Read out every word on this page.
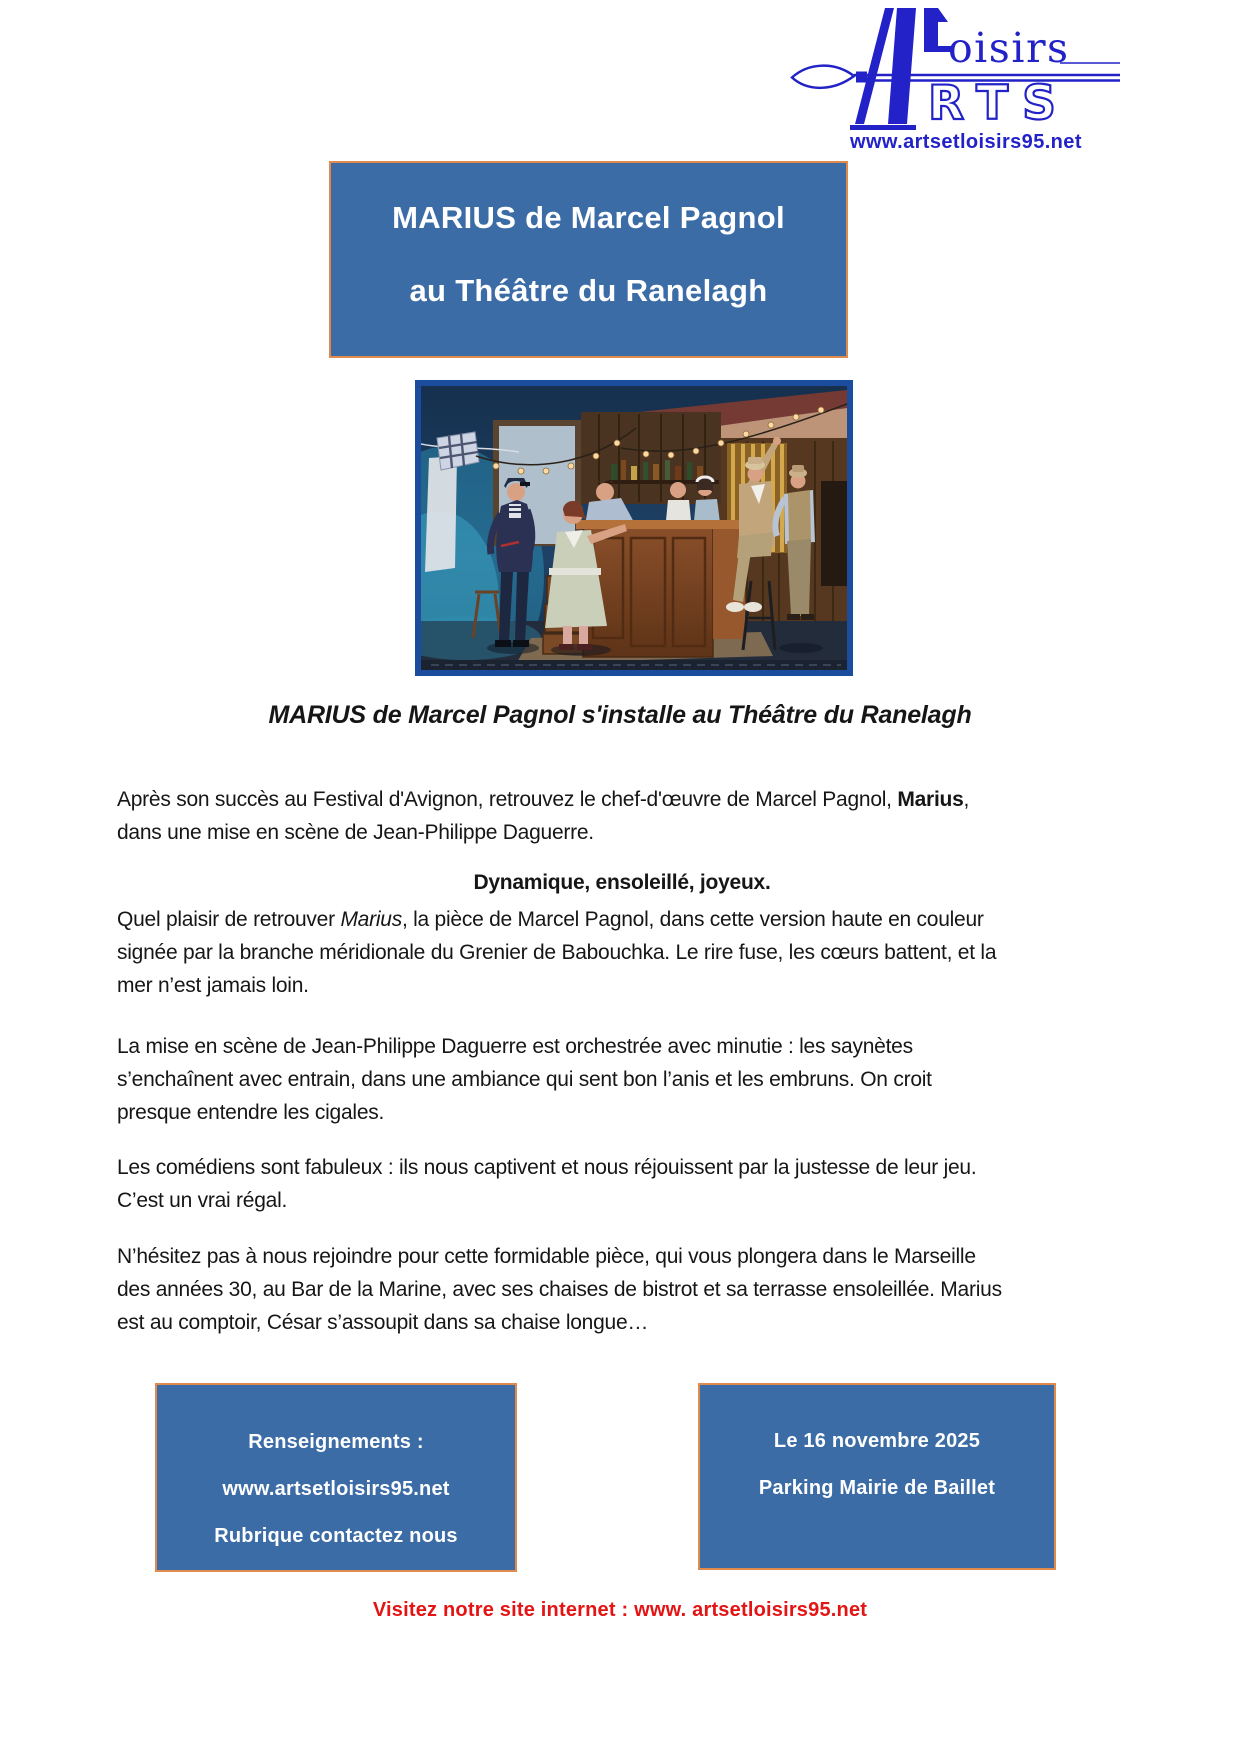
oisirs
RTS
www.artsetloisirs95.net
MARIUS de Marcel Pagnol
au Théâtre du Ranelagh
MARIUS de Marcel Pagnol s'installe au Théâtre du Ranelagh
Après son succès au Festival d'Avignon, retrouvez le chef-d'œuvre de Marcel Pagnol, Marius,
dans une mise en scène de Jean-Philippe Daguerre.
Dynamique, ensoleillé, joyeux.
Quel plaisir de retrouver Marius, la pièce de Marcel Pagnol, dans cette version haute en couleur
signée par la branche méridionale du Grenier de Babouchka. Le rire fuse, les cœurs battent, et la
mer n’est jamais loin.
La mise en scène de Jean-Philippe Daguerre est orchestrée avec minutie : les saynètes
s’enchaînent avec entrain, dans une ambiance qui sent bon l’anis et les embruns. On croit
presque entendre les cigales.
Les comédiens sont fabuleux : ils nous captivent et nous réjouissent par la justesse de leur jeu.
C’est un vrai régal.
N’hésitez pas à nous rejoindre pour cette formidable pièce, qui vous plongera dans le Marseille
des années 30, au Bar de la Marine, avec ses chaises de bistrot et sa terrasse ensoleillée. Marius
est au comptoir, César s’assoupit dans sa chaise longue…
Renseignements :
www.artsetloisirs95.net
Rubrique contactez nous
Le 16 novembre 2025
Parking Mairie de Baillet
Visitez notre site internet : www. artsetloisirs95.net
